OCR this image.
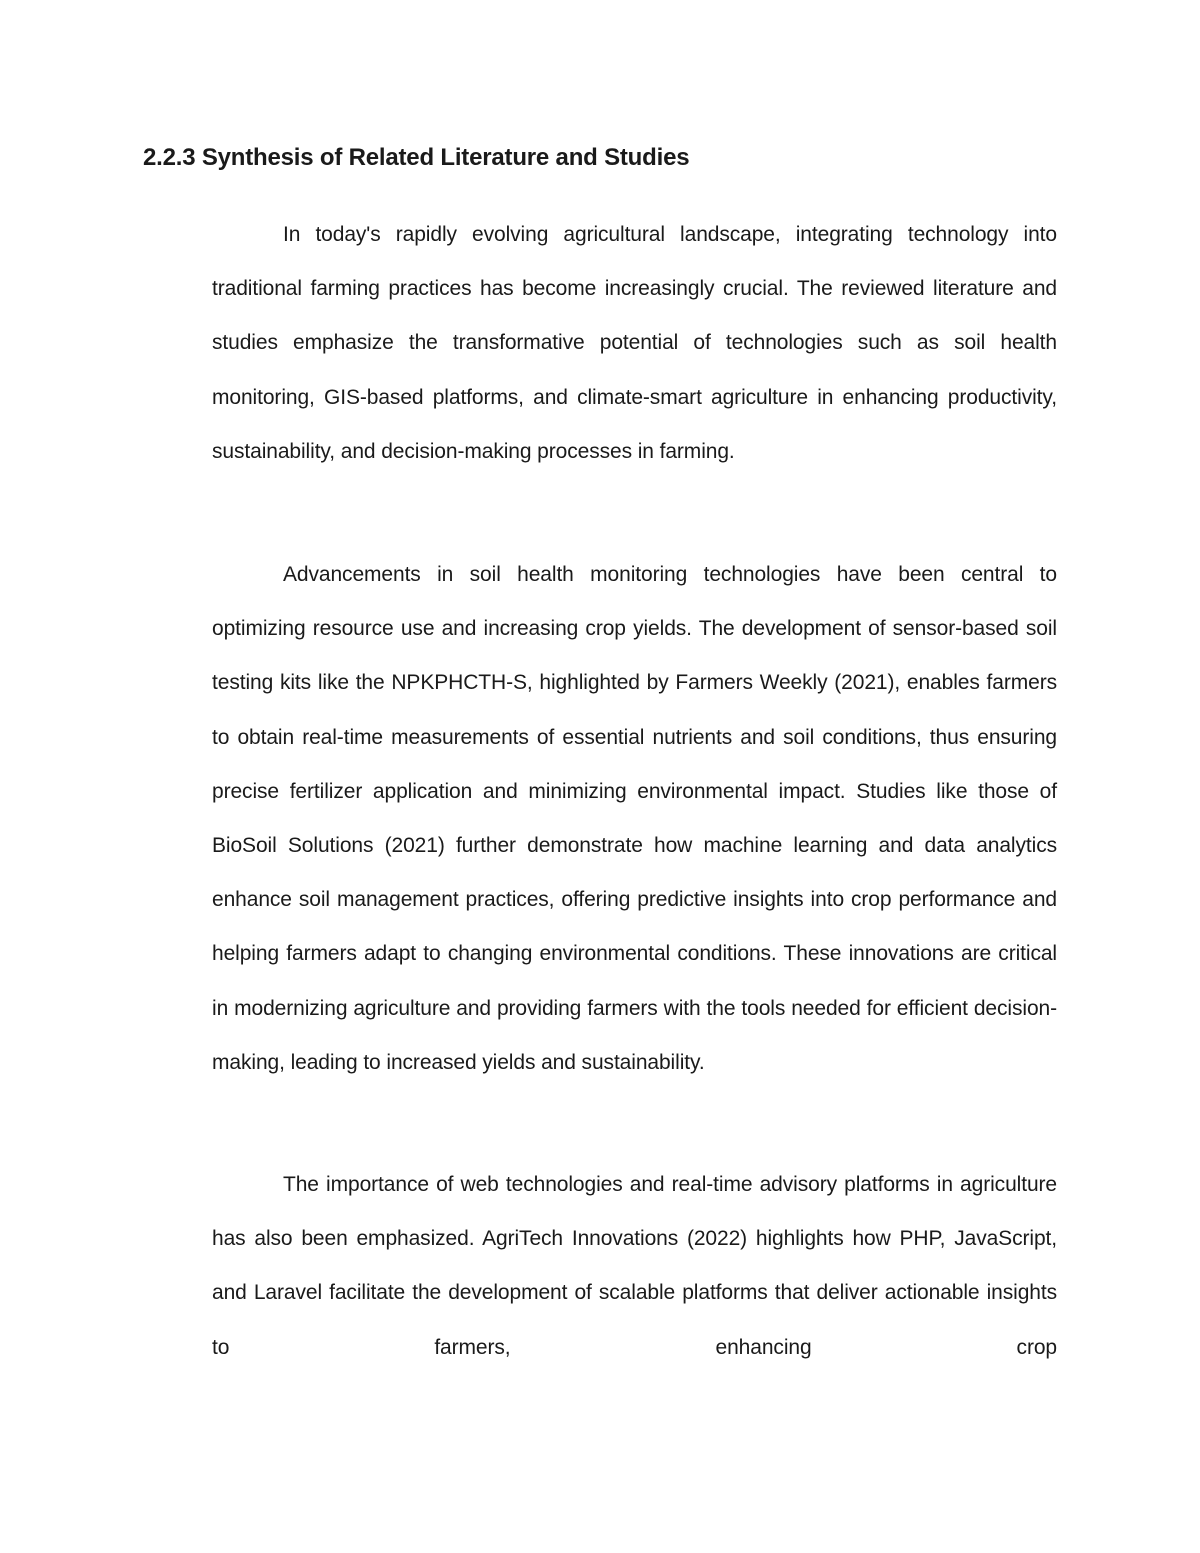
2.2.3 Synthesis of Related Literature and Studies

In today's rapidly evolving agricultural landscape, integrating technology into traditional farming practices has become increasingly crucial. The reviewed literature and studies emphasize the transformative potential of technologies such as soil health monitoring, GIS-based platforms, and climate-smart agriculture in enhancing productivity, sustainability, and decision-making processes in farming.

Advancements in soil health monitoring technologies have been central to optimizing resource use and increasing crop yields. The development of sensor-based soil testing kits like the NPKPHCTH-S, highlighted by Farmers Weekly (2021), enables farmers to obtain real-time measurements of essential nutrients and soil conditions, thus ensuring precise fertilizer application and minimizing environmental impact. Studies like those of BioSoil Solutions (2021) further demonstrate how machine learning and data analytics enhance soil management practices, offering predictive insights into crop performance and helping farmers adapt to changing environmental conditions. These innovations are critical in modernizing agriculture and providing farmers with the tools needed for efficient decision-making, leading to increased yields and sustainability.

The importance of web technologies and real-time advisory platforms in agriculture has also been emphasized. AgriTech Innovations (2022) highlights how PHP, JavaScript, and Laravel facilitate the development of scalable platforms that deliver actionable insights to farmers, enhancing crop
